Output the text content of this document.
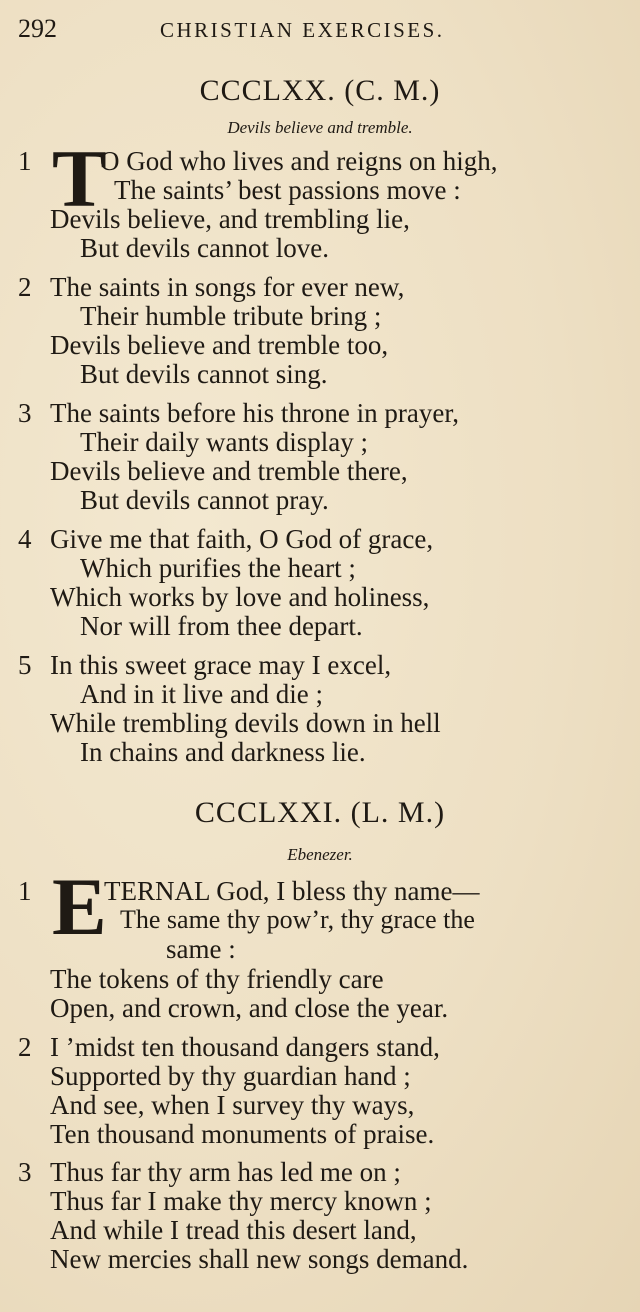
292	CHRISTIAN EXERCISES.
CCCLXX. (C. M.)
Devils believe and tremble.
1 T
O God who lives and reigns on high,
The saints’ best passions move :
Devils believe, and trembling lie,
But devils cannot love.
2 The saints in songs for ever new,
Their humble tribute bring ;
Devils believe and tremble too,
But devils cannot sing.
3 The saints before his throne in prayer,
Their daily wants display ;
Devils believe and tremble there,
But devils cannot pray.
4 Give me that faith, O God of grace,
Which purifies the heart ;
Which works by love and holiness,
Nor will from thee depart.
5 In this sweet grace may I excel,
And in it live and die ;
While trembling devils down in hell
In chains and darkness lie.
CCCLXXI. (L. M.)
Ebenezer.
1 E
TERNAL God, I bless thy name—
The same thy pow’r, thy grace the
same :
The tokens of thy friendly care
Open, and crown, and close the year.
2 I ’midst ten thousand dangers stand,
Supported by thy guardian hand ;
And see, when I survey thy ways,
Ten thousand monuments of praise.
3 Thus far thy arm has led me on ;
Thus far I make thy mercy known ;
And while I tread this desert land,
New mercies shall new songs demand.
